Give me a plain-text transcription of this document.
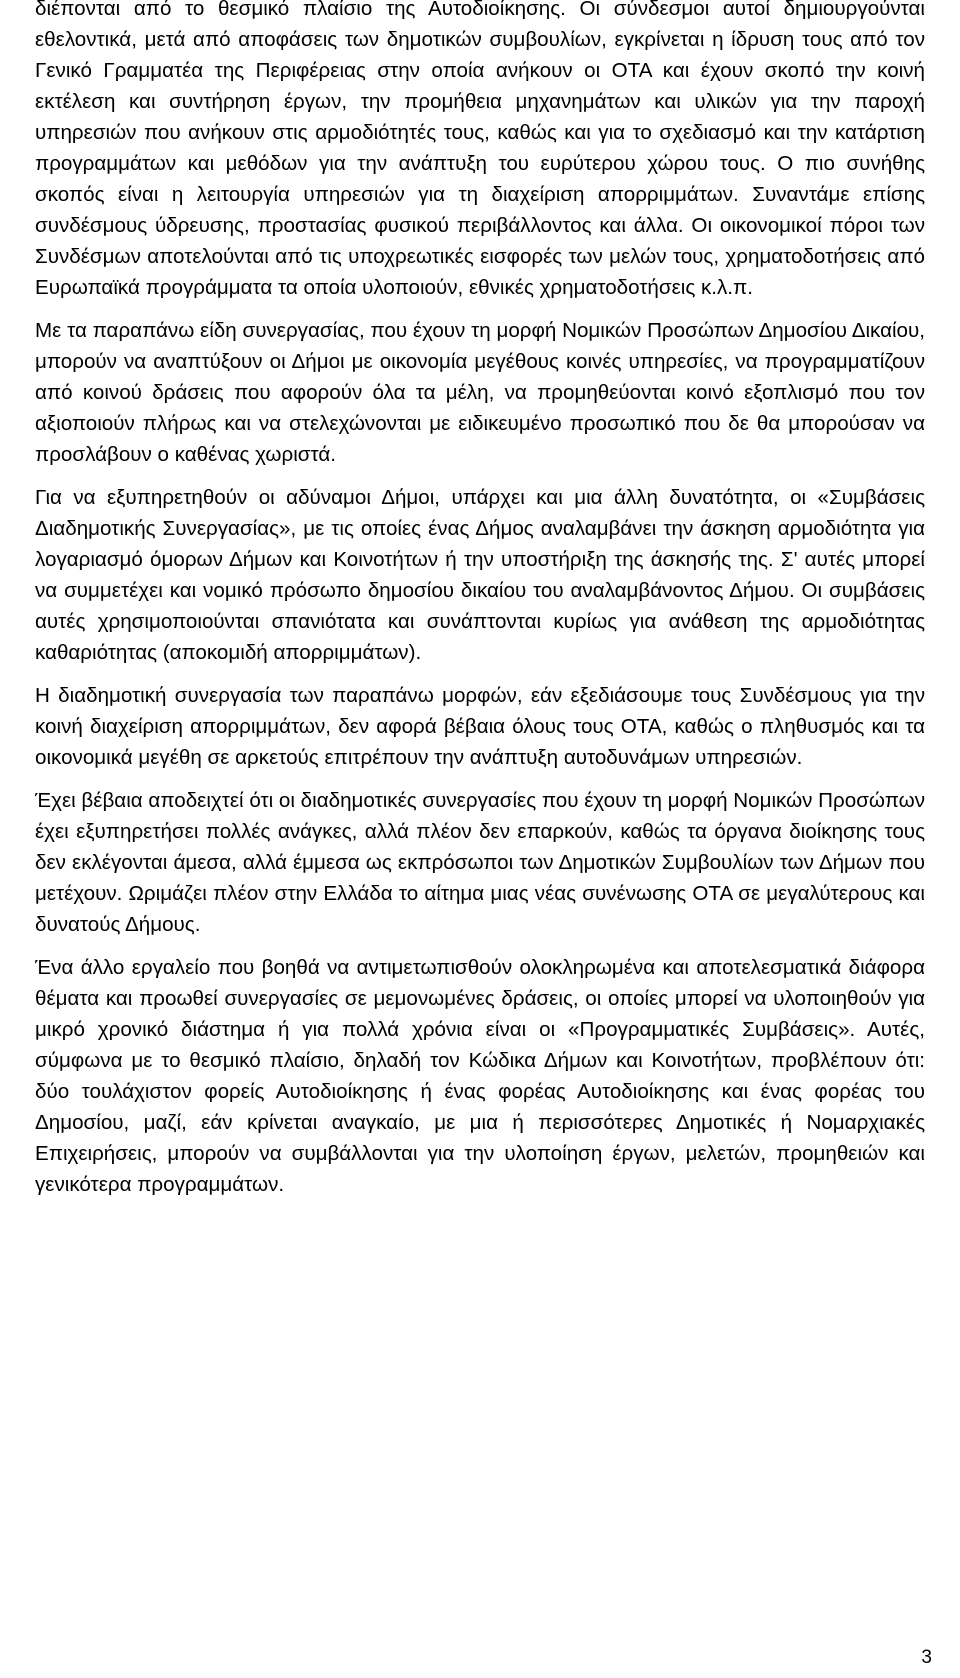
διέπονται από το θεσμικό πλαίσιο της Αυτοδιοίκησης. Οι σύνδεσμοι αυτοί δημιουργούνται εθελοντικά, μετά από αποφάσεις των δημοτικών συμβουλίων, εγκρίνεται η ίδρυση τους από τον Γενικό Γραμματέα της Περιφέρειας στην οποία ανήκουν οι ΟΤΑ και έχουν σκοπό την κοινή εκτέλεση και συντήρηση έργων, την προμήθεια μηχανημάτων και υλικών για την παροχή υπηρεσιών που ανήκουν στις αρμοδιότητές τους, καθώς και για το σχεδιασμό και την κατάρτιση προγραμμάτων και μεθόδων για την ανάπτυξη του ευρύτερου χώρου τους. Ο πιο συνήθης σκοπός είναι η λειτουργία υπηρεσιών για τη διαχείριση απορριμμάτων. Συναντάμε επίσης συνδέσμους ύδρευσης, προστασίας φυσικού περιβάλλοντος και άλλα. Οι οικονομικοί πόροι των Συνδέσμων αποτελούνται από τις υποχρεωτικές εισφορές των μελών τους, χρηματοδοτήσεις από Ευρωπαϊκά προγράμματα τα οποία υλοποιούν, εθνικές χρηματοδοτήσεις κ.λ.π.

Με τα παραπάνω είδη συνεργασίας, που έχουν τη μορφή Νομικών Προσώπων Δημοσίου Δικαίου, μπορούν να αναπτύξουν οι Δήμοι με οικονομία μεγέθους κοινές υπηρεσίες, να προγραμματίζουν από κοινού δράσεις που αφορούν όλα τα μέλη, να προμηθεύονται κοινό εξοπλισμό που τον αξιοποιούν πλήρως και να στελεχώνονται με ειδικευμένο προσωπικό που δε θα μπορούσαν να προσλάβουν ο καθένας χωριστά.

Για να εξυπηρετηθούν οι αδύναμοι Δήμοι, υπάρχει και μια άλλη δυνατότητα, οι «Συμβάσεις Διαδημοτικής Συνεργασίας», με τις οποίες ένας Δήμος αναλαμβάνει την άσκηση αρμοδιότητα για λογαριασμό όμορων Δήμων και Κοινοτήτων ή την υποστήριξη της άσκησής της. Σ' αυτές μπορεί να συμμετέχει και νομικό πρόσωπο δημοσίου δικαίου του αναλαμβάνοντος Δήμου. Οι συμβάσεις αυτές χρησιμοποιούνται σπανιότατα και συνάπτονται κυρίως για ανάθεση της αρμοδιότητας καθαριότητας (αποκομιδή απορριμμάτων).

Η διαδημοτική συνεργασία των παραπάνω μορφών, εάν εξεδιάσουμε τους Συνδέσμους για την κοινή διαχείριση απορριμμάτων, δεν αφορά βέβαια όλους τους ΟΤΑ, καθώς ο πληθυσμός και τα οικονομικά μεγέθη σε αρκετούς επιτρέπουν την ανάπτυξη αυτοδυνάμων υπηρεσιών.

Έχει βέβαια αποδειχτεί ότι οι διαδημοτικές συνεργασίες που έχουν τη μορφή Νομικών Προσώπων έχει εξυπηρετήσει πολλές ανάγκες, αλλά πλέον δεν επαρκούν, καθώς τα όργανα διοίκησης τους δεν εκλέγονται άμεσα, αλλά έμμεσα ως εκπρόσωποι των Δημοτικών Συμβουλίων των Δήμων που μετέχουν. Ωριμάζει πλέον στην Ελλάδα το αίτημα μιας νέας συνένωσης ΟΤΑ σε μεγαλύτερους και δυνατούς Δήμους.

Ένα άλλο εργαλείο που βοηθά να αντιμετωπισθούν ολοκληρωμένα και αποτελεσματικά διάφορα θέματα και προωθεί συνεργασίες σε μεμονωμένες δράσεις, οι οποίες μπορεί να υλοποιηθούν για μικρό χρονικό διάστημα ή για πολλά χρόνια είναι οι «Προγραμματικές Συμβάσεις». Αυτές, σύμφωνα με το θεσμικό πλαίσιο, δηλαδή τον Κώδικα Δήμων και Κοινοτήτων, προβλέπουν ότι: δύο τουλάχιστον φορείς Αυτοδιοίκησης ή ένας φορέας Αυτοδιοίκησης και ένας φορέας του Δημοσίου, μαζί, εάν κρίνεται αναγκαίο, με μια ή περισσότερες Δημοτικές ή Νομαρχιακές Επιχειρήσεις, μπορούν να συμβάλλονται για την υλοποίηση έργων, μελετών, προμηθειών και γενικότερα προγραμμάτων.

3
